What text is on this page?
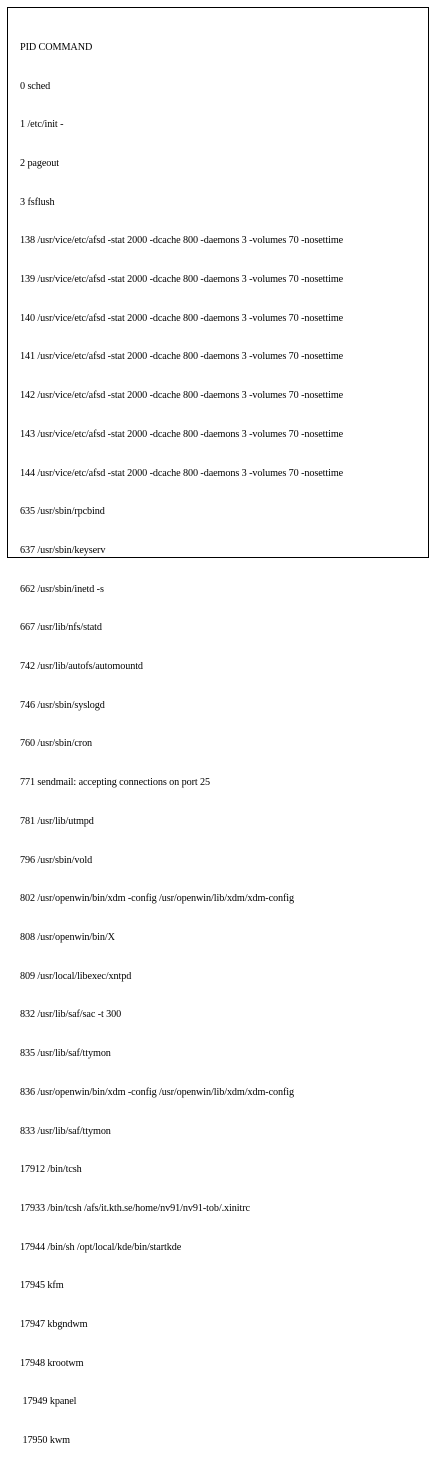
PID COMMAND

0 sched

1 /etc/init -

2 pageout

3 fsflush

138 /usr/vice/etc/afsd -stat 2000 -dcache 800 -daemons 3 -volumes 70 -nosettime

139 /usr/vice/etc/afsd -stat 2000 -dcache 800 -daemons 3 -volumes 70 -nosettime

140 /usr/vice/etc/afsd -stat 2000 -dcache 800 -daemons 3 -volumes 70 -nosettime

141 /usr/vice/etc/afsd -stat 2000 -dcache 800 -daemons 3 -volumes 70 -nosettime

142 /usr/vice/etc/afsd -stat 2000 -dcache 800 -daemons 3 -volumes 70 -nosettime

143 /usr/vice/etc/afsd -stat 2000 -dcache 800 -daemons 3 -volumes 70 -nosettime

144 /usr/vice/etc/afsd -stat 2000 -dcache 800 -daemons 3 -volumes 70 -nosettime

635 /usr/sbin/rpcbind

637 /usr/sbin/keyserv

662 /usr/sbin/inetd -s

667 /usr/lib/nfs/statd

742 /usr/lib/autofs/automountd

746 /usr/sbin/syslogd

760 /usr/sbin/cron

771 sendmail: accepting connections on port 25

781 /usr/lib/utmpd

796 /usr/sbin/vold

802 /usr/openwin/bin/xdm -config /usr/openwin/lib/xdm/xdm-config

808 /usr/openwin/bin/X

809 /usr/local/libexec/xntpd

832 /usr/lib/saf/sac -t 300

835 /usr/lib/saf/ttymon

836 /usr/openwin/bin/xdm -config /usr/openwin/lib/xdm/xdm-config

833 /usr/lib/saf/ttymon

17912 /bin/tcsh

17933 /bin/tcsh /afs/it.kth.se/home/nv91/nv91-tob/.xinitrc

17944 /bin/sh /opt/local/kde/bin/startkde

17945 kfm

17947 kbgndwm

17948 krootwm

17949 kpanel

17950 kwm
